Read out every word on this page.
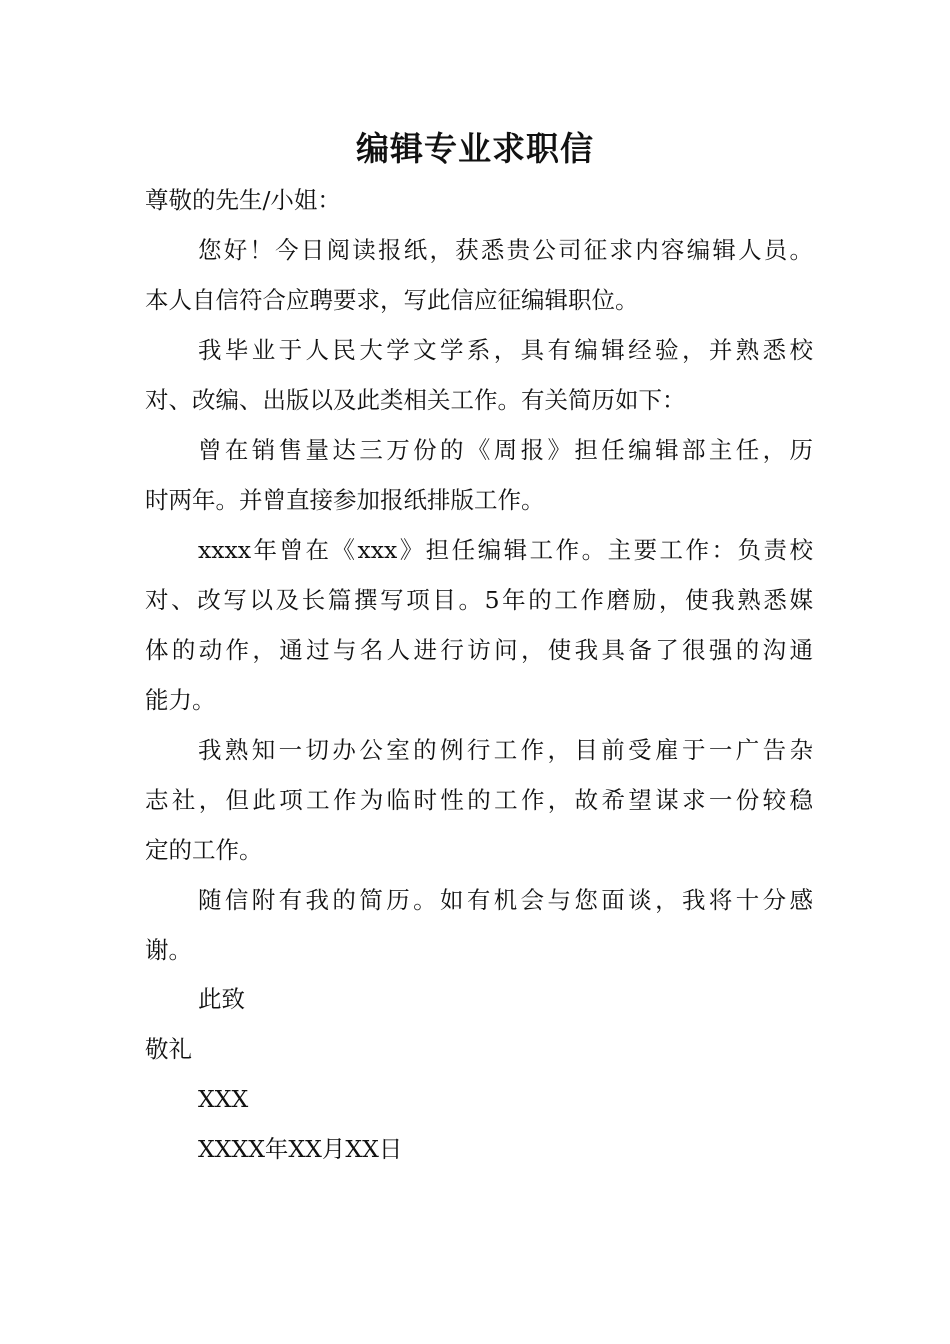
编辑专业求职信
尊敬的先生/小姐：
您好！今日阅读报纸，获悉贵公司征求内容编辑人员。
本人自信符合应聘要求，写此信应征编辑职位。
我毕业于人民大学文学系，具有编辑经验，并熟悉校
对、改编、出版以及此类相关工作。有关简历如下：
曾在销售量达三万份的《周报》担任编辑部主任，历
时两年。并曾直接参加报纸排版工作。
xxxx年曾在《xxx》担任编辑工作。主要工作：负责校
对、改写以及长篇撰写项目。5年的工作磨励，使我熟悉媒
体的动作，通过与名人进行访问，使我具备了很强的沟通
能力。
我熟知一切办公室的例行工作，目前受雇于一广告杂
志社，但此项工作为临时性的工作，故希望谋求一份较稳
定的工作。
随信附有我的简历。如有机会与您面谈，我将十分感
谢。
此致
敬礼
XXX
XXXX年XX月XX日
